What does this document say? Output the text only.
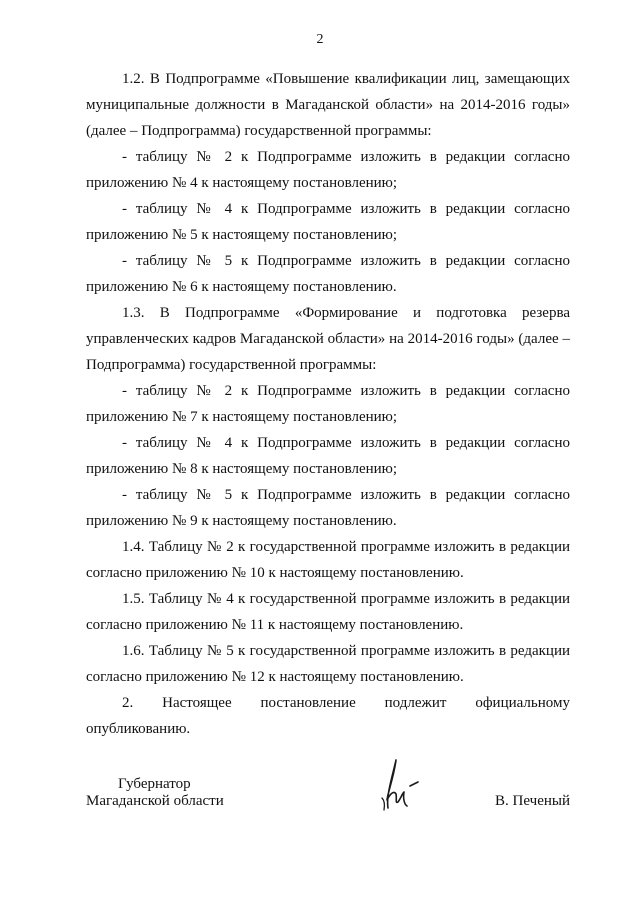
2

1.2. В Подпрограмме «Повышение квалификации лиц, замещающих муниципальные должности в Магаданской области» на 2014-2016 годы» (далее – Подпрограмма) государственной программы:

- таблицу № 2 к Подпрограмме изложить в редакции согласно приложению № 4 к настоящему постановлению;

- таблицу № 4 к Подпрограмме изложить в редакции согласно приложению № 5 к настоящему постановлению;

- таблицу № 5 к Подпрограмме изложить в редакции согласно приложению № 6 к настоящему постановлению.

1.3. В Подпрограмме «Формирование и подготовка резерва управленческих кадров Магаданской области» на 2014-2016 годы» (далее – Подпрограмма) государственной программы:

- таблицу № 2 к Подпрограмме изложить в редакции согласно приложению № 7 к настоящему постановлению;

- таблицу № 4 к Подпрограмме изложить в редакции согласно приложению № 8 к настоящему постановлению;

- таблицу № 5 к Подпрограмме изложить в редакции согласно приложению № 9 к настоящему постановлению.

1.4. Таблицу № 2 к государственной программе изложить в редакции согласно приложению № 10 к настоящему постановлению.

1.5. Таблицу № 4 к государственной программе изложить в редакции согласно приложению № 11 к настоящему постановлению.

1.6. Таблицу № 5 к государственной программе изложить в редакции согласно приложению № 12 к настоящему постановлению.

2. Настоящее постановление подлежит официальному опубликованию.

Губернатор
Магаданской области	В. Печеный
